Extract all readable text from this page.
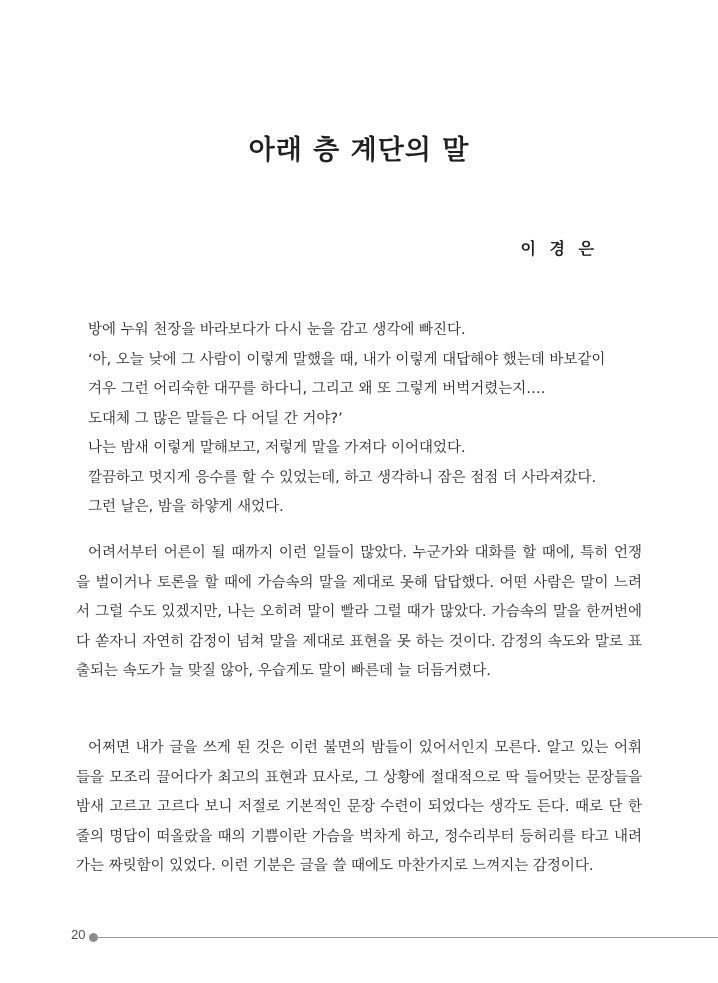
아래 층 계단의 말
이 경 은
방에 누워 천장을 바라보다가 다시 눈을 감고 생각에 빠진다.
‘아, 오늘 낮에 그 사람이 이렇게 말했을 때, 내가 이렇게 대답해야 했는데 바보같이
겨우 그런 어리숙한 대꾸를 하다니, 그리고 왜 또 그렇게 버벅거렸는지….
도대체 그 많은 말들은 다 어딜 간 거야?’
나는 밤새 이렇게 말해보고, 저렇게 말을 가져다 이어대었다.
깔끔하고 멋지게 응수를 할 수 있었는데, 하고 생각하니 잠은 점점 더 사라져갔다.
그런 날은, 밤을 하얗게 새었다.

어려서부터 어른이 될 때까지 이런 일들이 많았다. 누군가와 대화를 할 때에, 특히 언쟁을 벌이거나 토론을 할 때에 가슴속의 말을 제대로 못해 답답했다. 어떤 사람은 말이 느려서 그럴 수도 있겠지만, 나는 오히려 말이 빨라 그럴 때가 많았다. 가슴속의 말을 한꺼번에 다 쏟자니 자연히 감정이 넘쳐 말을 제대로 표현을 못 하는 것이다. 감정의 속도와 말로 표출되는 속도가 늘 맞질 않아, 우습게도 말이 빠른데 늘 더듬거렸다.

어쩌면 내가 글을 쓰게 된 것은 이런 불면의 밤들이 있어서인지 모른다. 알고 있는 어휘들을 모조리 끌어다가 최고의 표현과 묘사로, 그 상황에 절대적으로 딱 들어맞는 문장들을 밤새 고르고 고르다 보니 저절로 기본적인 문장 수련이 되었다는 생각도 든다. 때로 단 한 줄의 명답이 떠올랐을 때의 기쁨이란 가슴을 벅차게 하고, 정수리부터 등허리를 타고 내려가는 짜릿함이 있었다. 이런 기분은 글을 쓸 때에도 마찬가지로 느껴지는 감정이다.

20
